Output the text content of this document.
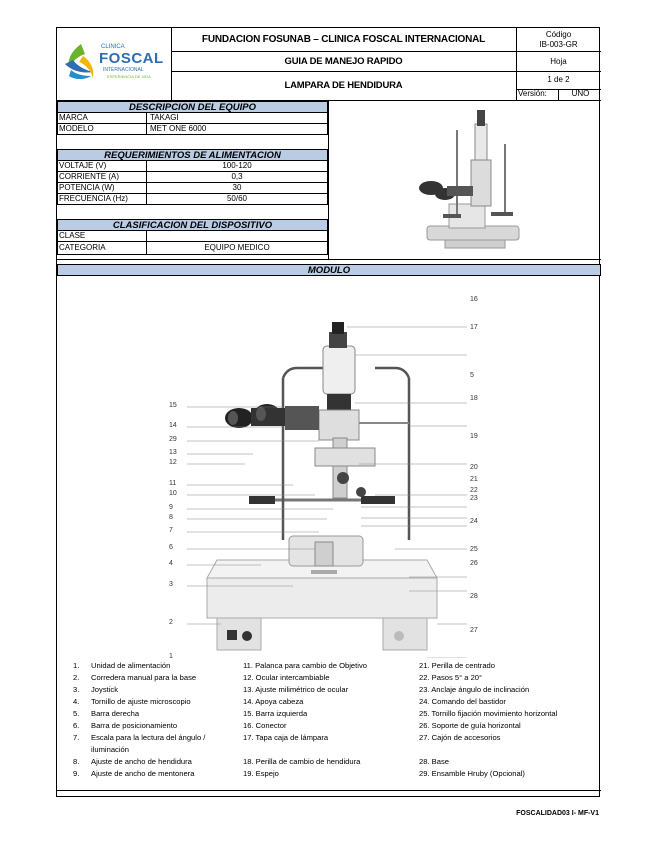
CLINICA
FOSCAL
INTERNACIONAL
EXPERIENCIA DE VIDA
FUNDACION FOSUNAB – CLINICA FOSCAL INTERNACIONAL
GUIA DE MANEJO RAPIDO
LAMPARA DE HENDIDURA
Código
IB-003-GR
Hoja
1 de 2
Versión:	UNO
DESCRIPCION DEL EQUIPO
MARCA	TAKAGI
MODELO	MET ONE 6000
REQUERIMIENTOS DE ALIMENTACION
VOLTAJE (V)	100-120
CORRIENTE (A)	0,3
POTENCIA (W)	30
FRECUENCIA (Hz)	50/60
CLASIFICACION DEL DISPOSITIVO
CLASE
CATEGORIA	EQUIPO MEDICO
MODULO
15
14
29
13
12
11
10
9
8
7
6
4
3
2
1
16
17
5
18
19
20
21
22
23
24
25
26
28
27
1. Unidad de alimentación
2. Corredera manual para la base
3. Joystick
4. Tornillo de ajuste microscopio
5. Barra derecha
6. Barra de posicionamiento
7. Escala para la lectura del ángulo /
iluminación
8. Ajuste de ancho de hendidura
9. Ajuste de ancho de mentonera
11. Palanca para cambio de Objetivo
12. Ocular intercambiable
13. Ajuste milimétrico de ocular
14. Apoya cabeza
15. Barra izquierda
16. Conector
17. Tapa caja de lámpara
18. Perilla de cambio de hendidura
19. Espejo
21. Perilla de centrado
22. Pasos 5° a 20°
23. Anclaje ángulo de inclinación
24. Comando del bastidor
25. Tornillo fijación movimiento horizontal
26. Soporte de guía horizontal
27. Cajón de accesorios
28. Base
29. Ensamble Hruby (Opcional)
FOSCALIDAD03 I- MF-V1
